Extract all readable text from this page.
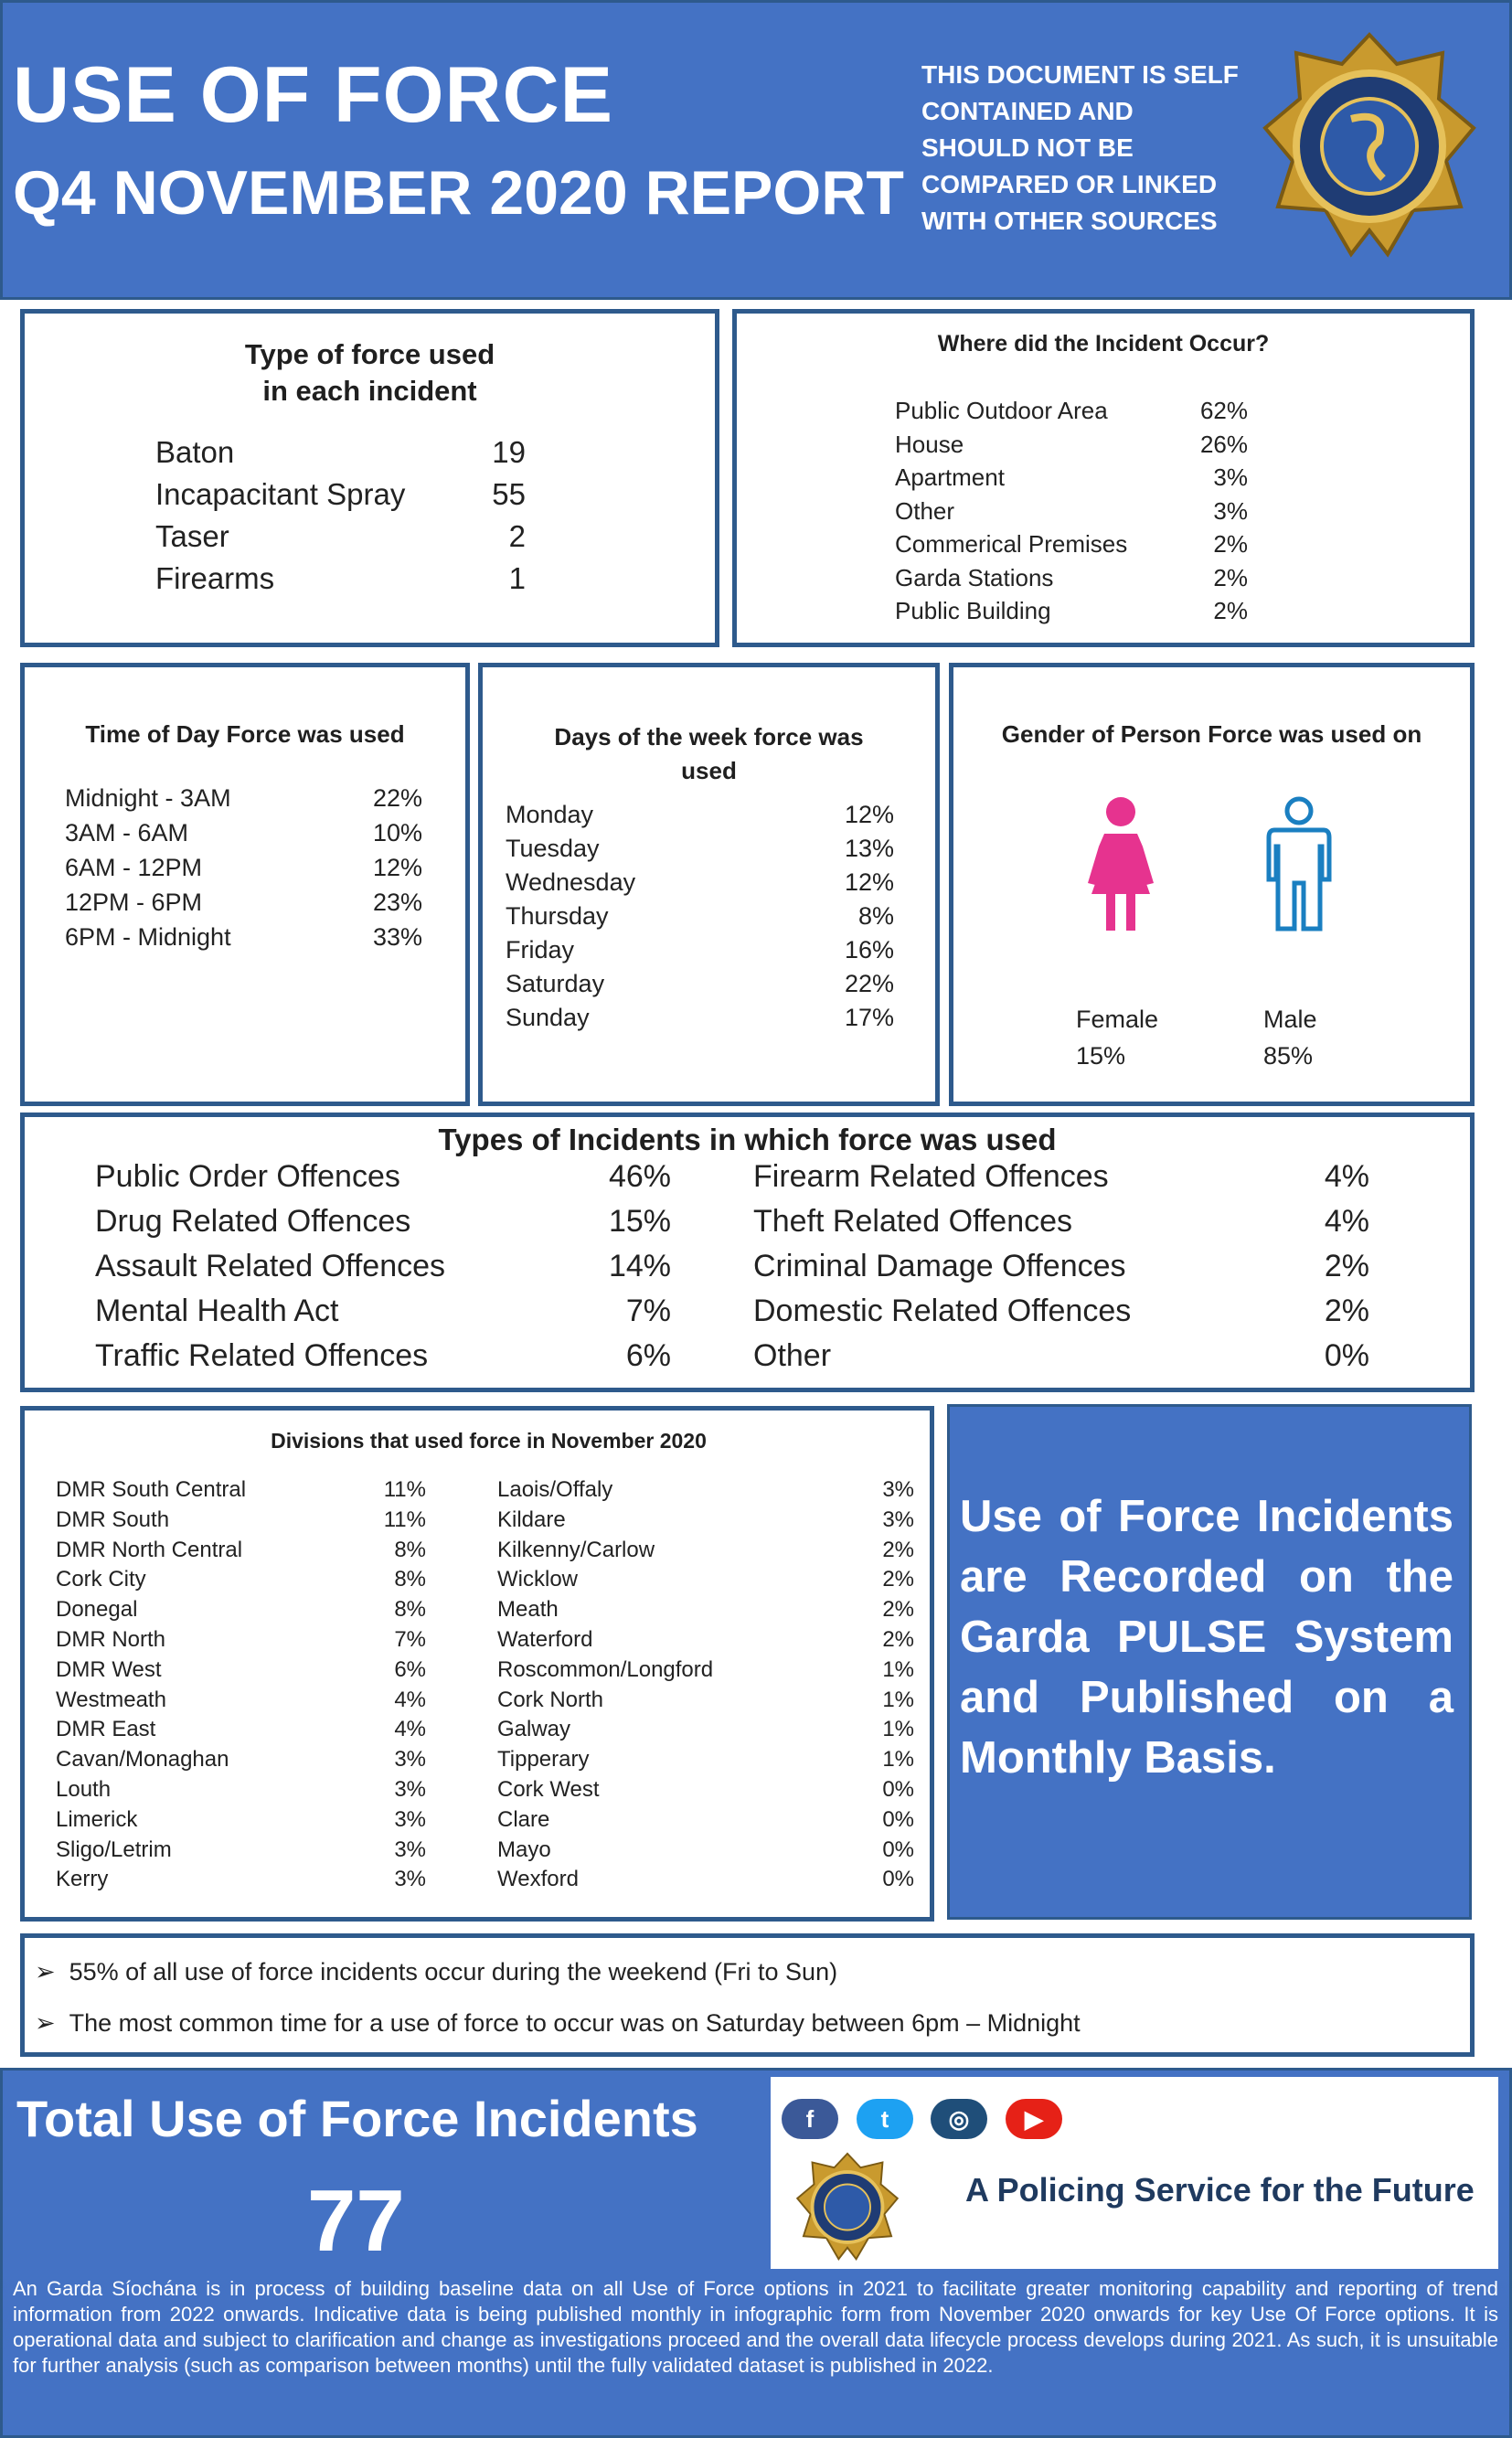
USE OF FORCE
Q4 NOVEMBER 2020 REPORT
THIS DOCUMENT IS SELF
CONTAINED AND
SHOULD NOT BE
COMPARED OR LINKED
WITH OTHER SOURCES
Type of force used
in each incident
Baton	19
Incapacitant Spray	55
Taser	2
Firearms	1
Where did the Incident Occur?
Public Outdoor Area	62%
House	26%
Apartment	3%
Other	3%
Commerical Premises	2%
Garda Stations	2%
Public Building	2%
Time of Day Force was used
Midnight - 3AM	22%
3AM - 6AM	10%
6AM - 12PM	12%
12PM - 6PM	23%
6PM - Midnight	33%
Days of the week force was
used
Monday	12%
Tuesday	13%
Wednesday	12%
Thursday	8%
Friday	16%
Saturday	22%
Sunday	17%
Gender of Person Force was used on
Female
15%
Male
85%
Types of Incidents in which force was used
Public Order Offences	46%
Drug Related Offences	15%
Assault Related Offences	14%
Mental Health Act	7%
Traffic Related Offences	6%
Firearm Related Offences	4%
Theft Related Offences	4%
Criminal Damage Offences	2%
Domestic Related Offences	2%
Other	0%
Divisions that used force in November 2020
DMR South Central	11%
DMR South	11%
DMR North Central	8%
Cork City	8%
Donegal	8%
DMR North	7%
DMR West	6%
Westmeath	4%
DMR East	4%
Cavan/Monaghan	3%
Louth	3%
Limerick	3%
Sligo/Letrim	3%
Kerry	3%
Laois/Offaly	3%
Kildare	3%
Kilkenny/Carlow	2%
Wicklow	2%
Meath	2%
Waterford	2%
Roscommon/Longford	1%
Cork North	1%
Galway	1%
Tipperary	1%
Cork West	0%
Clare	0%
Mayo	0%
Wexford	0%
Use of Force Incidents
are Recorded on the
Garda PULSE System
and Published on a
Monthly Basis.
➢  55% of all use of force incidents occur during the weekend (Fri to Sun)
➢  The most common time for a use of force to occur was on Saturday between 6pm – Midnight
Total Use of Force Incidents
77
f	t	◎	▶
A Policing Service for the Future
An Garda Síochána is in process of building baseline data on all Use of Force options in 2021 to facilitate greater monitoring capability and reporting of trend information from 2022 onwards. Indicative data is being published monthly in infographic form from November 2020 onwards for key Use Of Force options. It is operational data and subject to clarification and change as investigations proceed and the overall data lifecycle process develops during 2021. As such, it is unsuitable for further analysis (such as comparison between months) until the fully validated dataset is published in 2022.
